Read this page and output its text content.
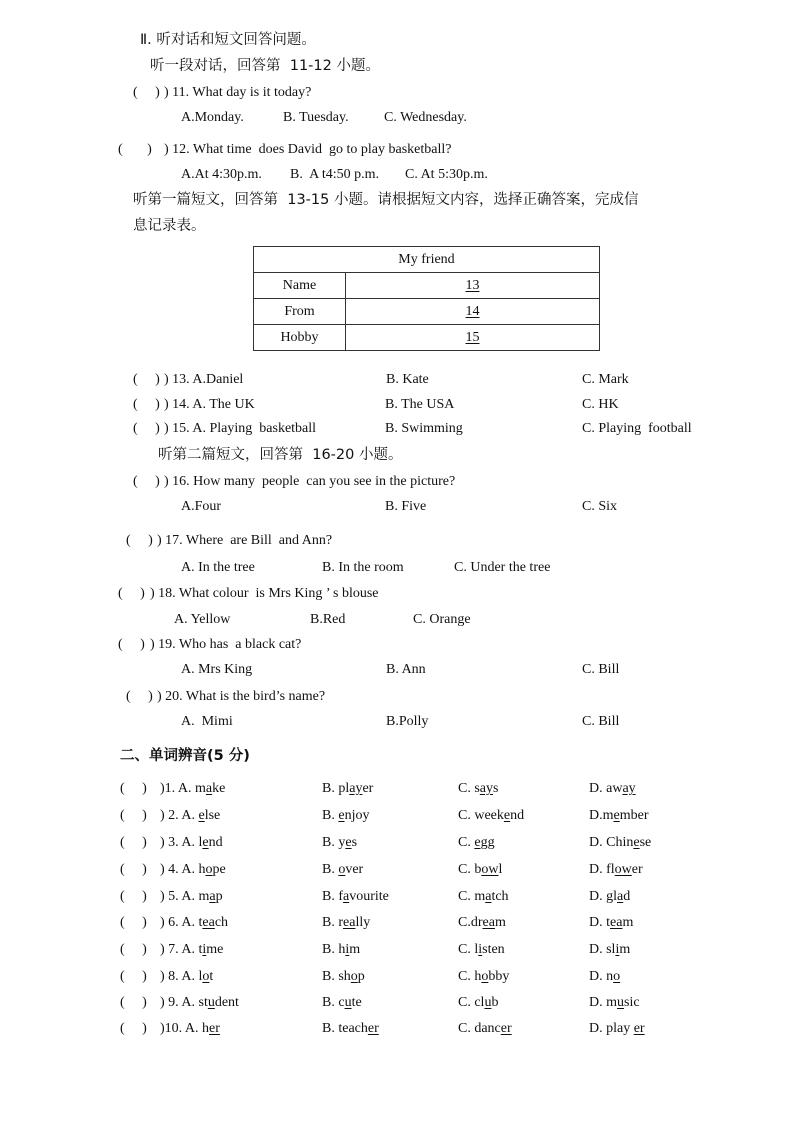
Ⅱ. 听对话和短文回答问题。
听一段对话，回答第  11-12 小题。
(     ) ) 11. What day is it today?
A.Monday.	B. Tuesday.	C. Wednesday.
(       ) ) 12. What time  does David  go to play basketball?
A.At 4:30p.m. B.  A t4:50 p.m. C. At 5:30p.m.
听第一篇短文，回答第  13-15 小题。请根据短文内容，选择正确答案，完成信
息记录表。
My friend	
Name	13
From	14
Hobby	15
(     ) ) 13. A.Daniel	B. Kate	C. Mark
(     ) ) 14. A. The UK	B. The USA	C. HK
(     ) ) 15. A. Playing  basketball	B. Swimming	C. Playing  football
听第二篇短文，回答第  16-20 小题。
(     ) ) 16. How many  people  can you see in the picture?
A.Four	B. Five	C. Six
(     ) ) 17. Where  are Bill  and Ann?
A. In the tree	B. In the room	C. Under the tree
(     ) ) 18. What colour  is Mrs King ’ s blouse
A. Yellow	B.Red	C. Orange
(     ) ) 19. Who has  a black cat?
A. Mrs King	B. Ann	C. Bill
(     ) ) 20. What is the bird’s name?
A.  Mimi	B.Polly	C. Bill
二、单词辨音(5 分)
(     ) )1. A. make	B. player	C. says	D. away
(     ) ) 2. A. else	B. enjoy	C. weekend	D.member
(     ) ) 3. A. lend	B. yes	C. egg	D. Chinese
(     ) ) 4. A. hope	B. over	C. bowl	D. flower
(     ) ) 5. A. map	B. favourite	C. match	D. glad
(     ) ) 6. A. teach	B. really	C.dream	D. team
(     ) ) 7. A. time	B. him	C. listen	D. slim
(     ) ) 8. A. lot	B. shop	C. hobby	D. no
(     ) ) 9. A. student	B. cute	C. club	D. music
(     ) )10. A. her	B. teacher	C. dancer	D. play er
